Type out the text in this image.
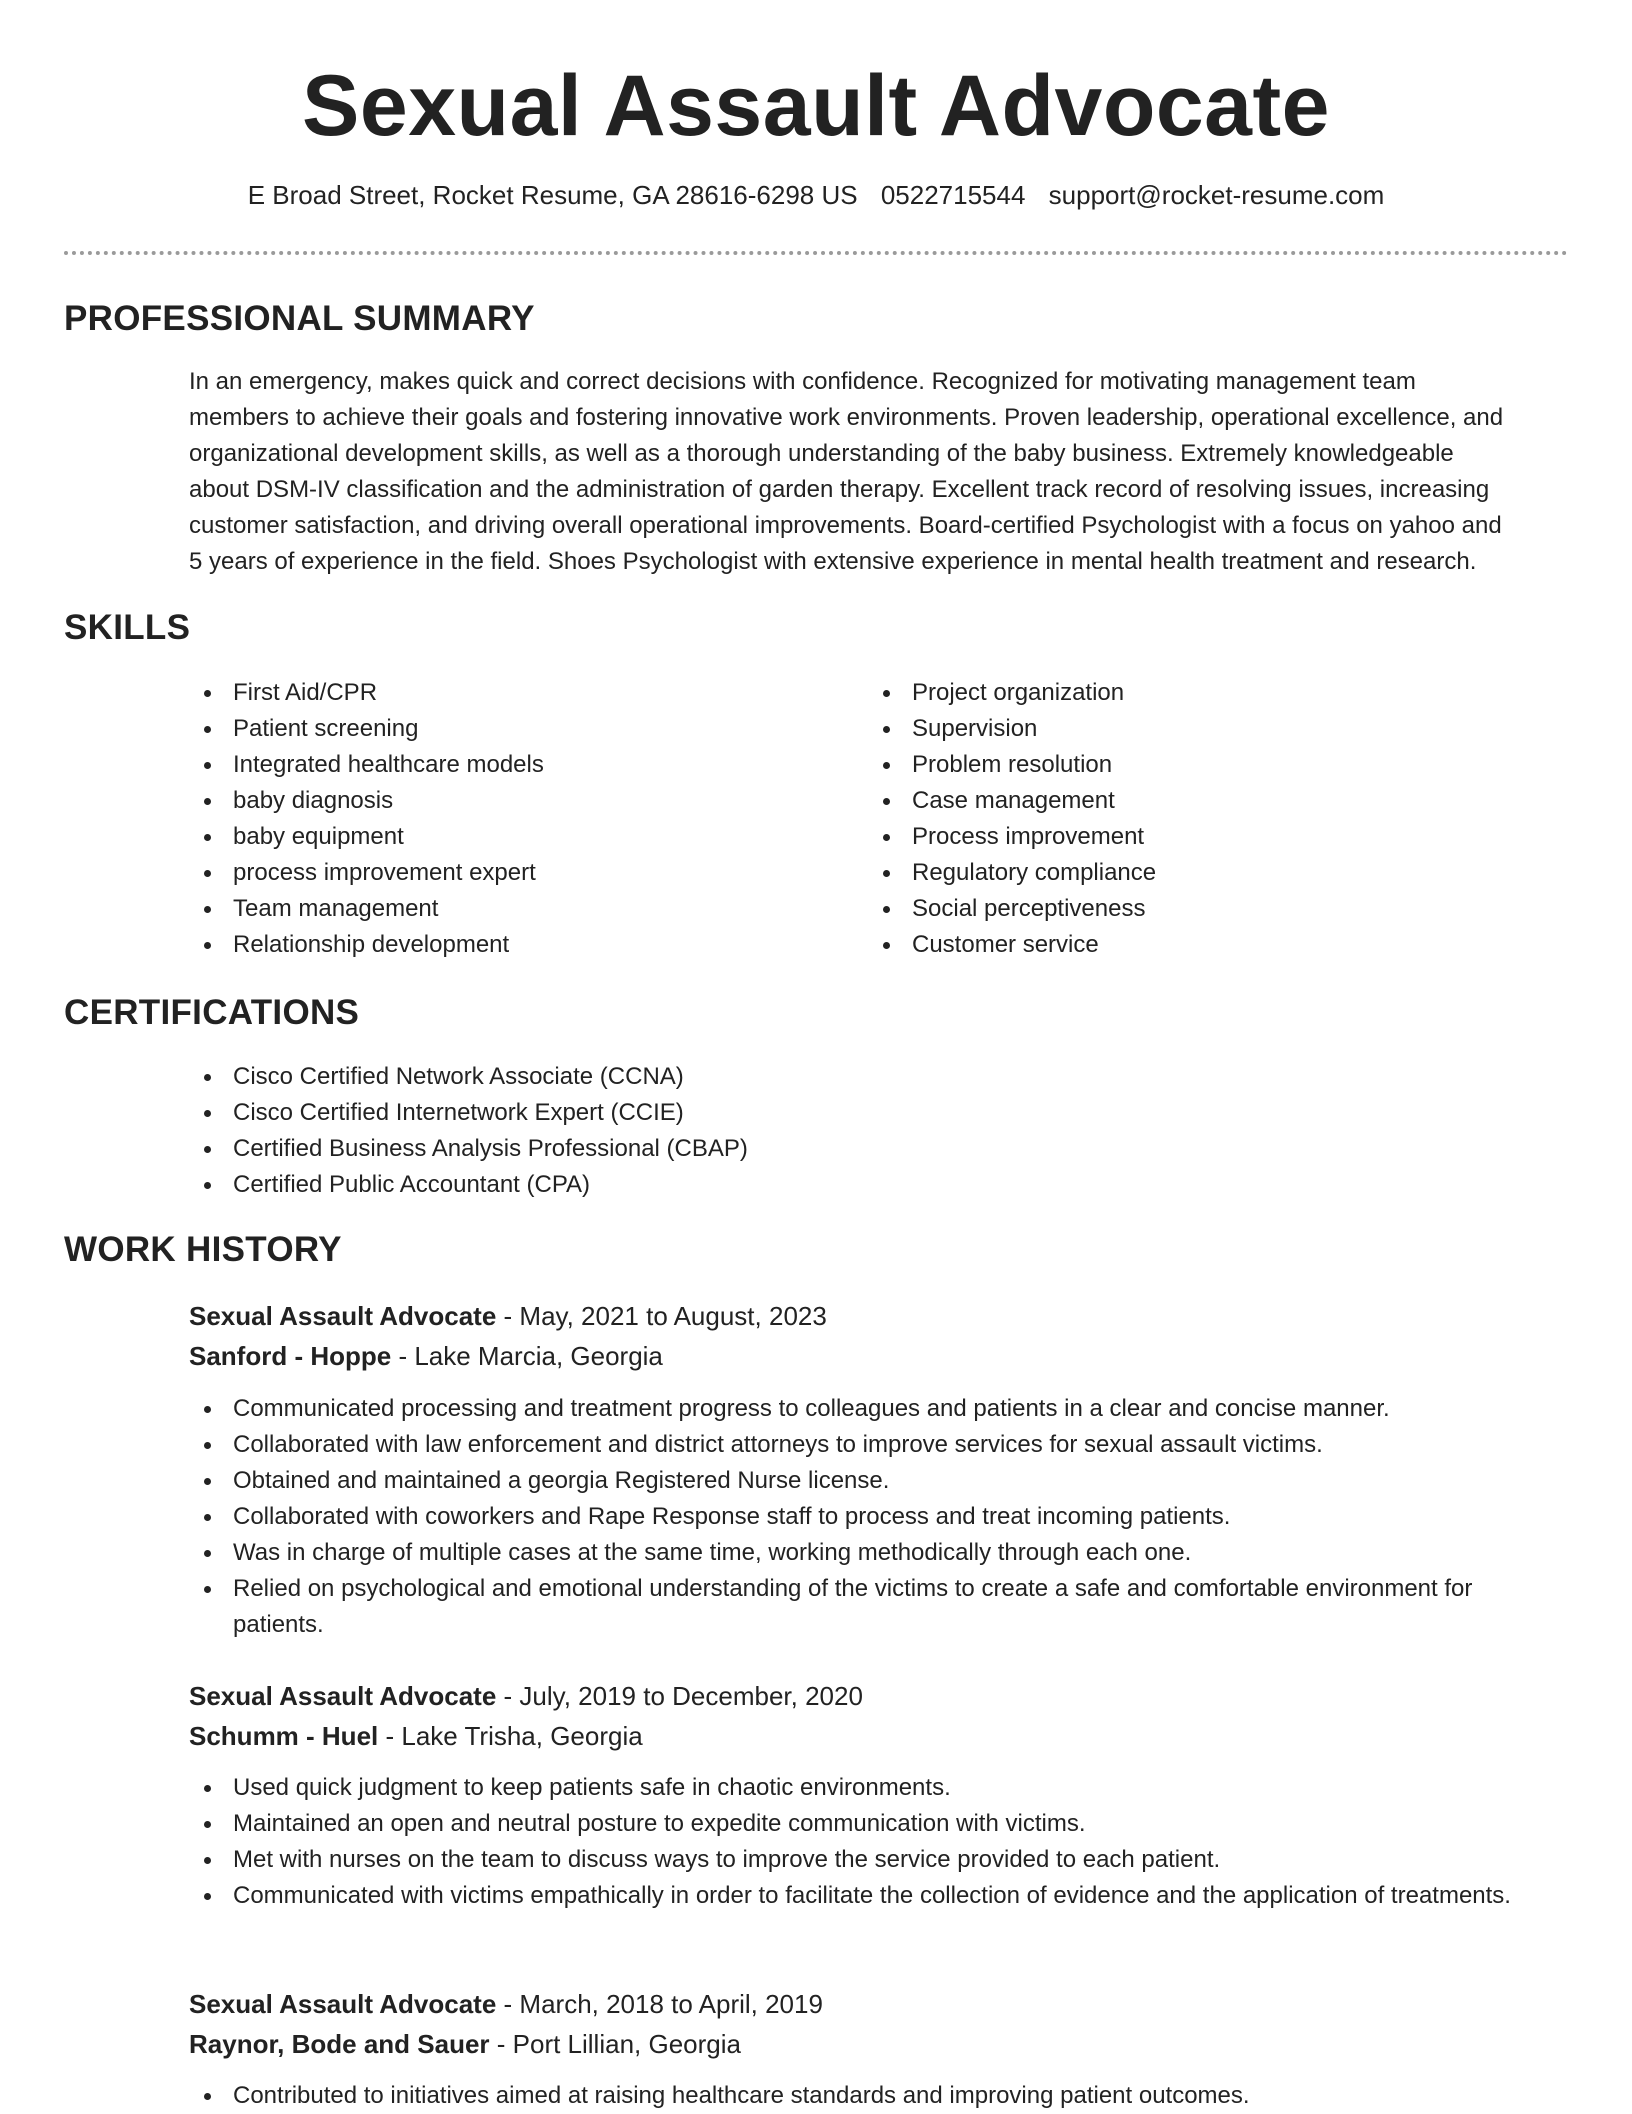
Sexual Assault Advocate
E Broad Street, Rocket Resume, GA 28616-6298 US 0522715544 support@rocket-resume.com
PROFESSIONAL SUMMARY
In an emergency, makes quick and correct decisions with confidence. Recognized for motivating management team
members to achieve their goals and fostering innovative work environments. Proven leadership, operational excellence, and
organizational development skills, as well as a thorough understanding of the baby business. Extremely knowledgeable
about DSM-IV classification and the administration of garden therapy. Excellent track record of resolving issues, increasing
customer satisfaction, and driving overall operational improvements. Board-certified Psychologist with a focus on yahoo and
5 years of experience in the field. Shoes Psychologist with extensive experience in mental health treatment and research.
SKILLS
First Aid/CPR
Patient screening
Integrated healthcare models
baby diagnosis
baby equipment
process improvement expert
Team management
Relationship development
Project organization
Supervision
Problem resolution
Case management
Process improvement
Regulatory compliance
Social perceptiveness
Customer service
CERTIFICATIONS
Cisco Certified Network Associate (CCNA)
Cisco Certified Internetwork Expert (CCIE)
Certified Business Analysis Professional (CBAP)
Certified Public Accountant (CPA)
WORK HISTORY
Sexual Assault Advocate - May, 2021 to August, 2023
Sanford - Hoppe - Lake Marcia, Georgia
Communicated processing and treatment progress to colleagues and patients in a clear and concise manner.
Collaborated with law enforcement and district attorneys to improve services for sexual assault victims.
Obtained and maintained a georgia Registered Nurse license.
Collaborated with coworkers and Rape Response staff to process and treat incoming patients.
Was in charge of multiple cases at the same time, working methodically through each one.
Relied on psychological and emotional understanding of the victims to create a safe and comfortable environment for patients.
Sexual Assault Advocate - July, 2019 to December, 2020
Schumm - Huel - Lake Trisha, Georgia
Used quick judgment to keep patients safe in chaotic environments.
Maintained an open and neutral posture to expedite communication with victims.
Met with nurses on the team to discuss ways to improve the service provided to each patient.
Communicated with victims empathically in order to facilitate the collection of evidence and the application of treatments.
Sexual Assault Advocate - March, 2018 to April, 2019
Raynor, Bode and Sauer - Port Lillian, Georgia
Contributed to initiatives aimed at raising healthcare standards and improving patient outcomes.
